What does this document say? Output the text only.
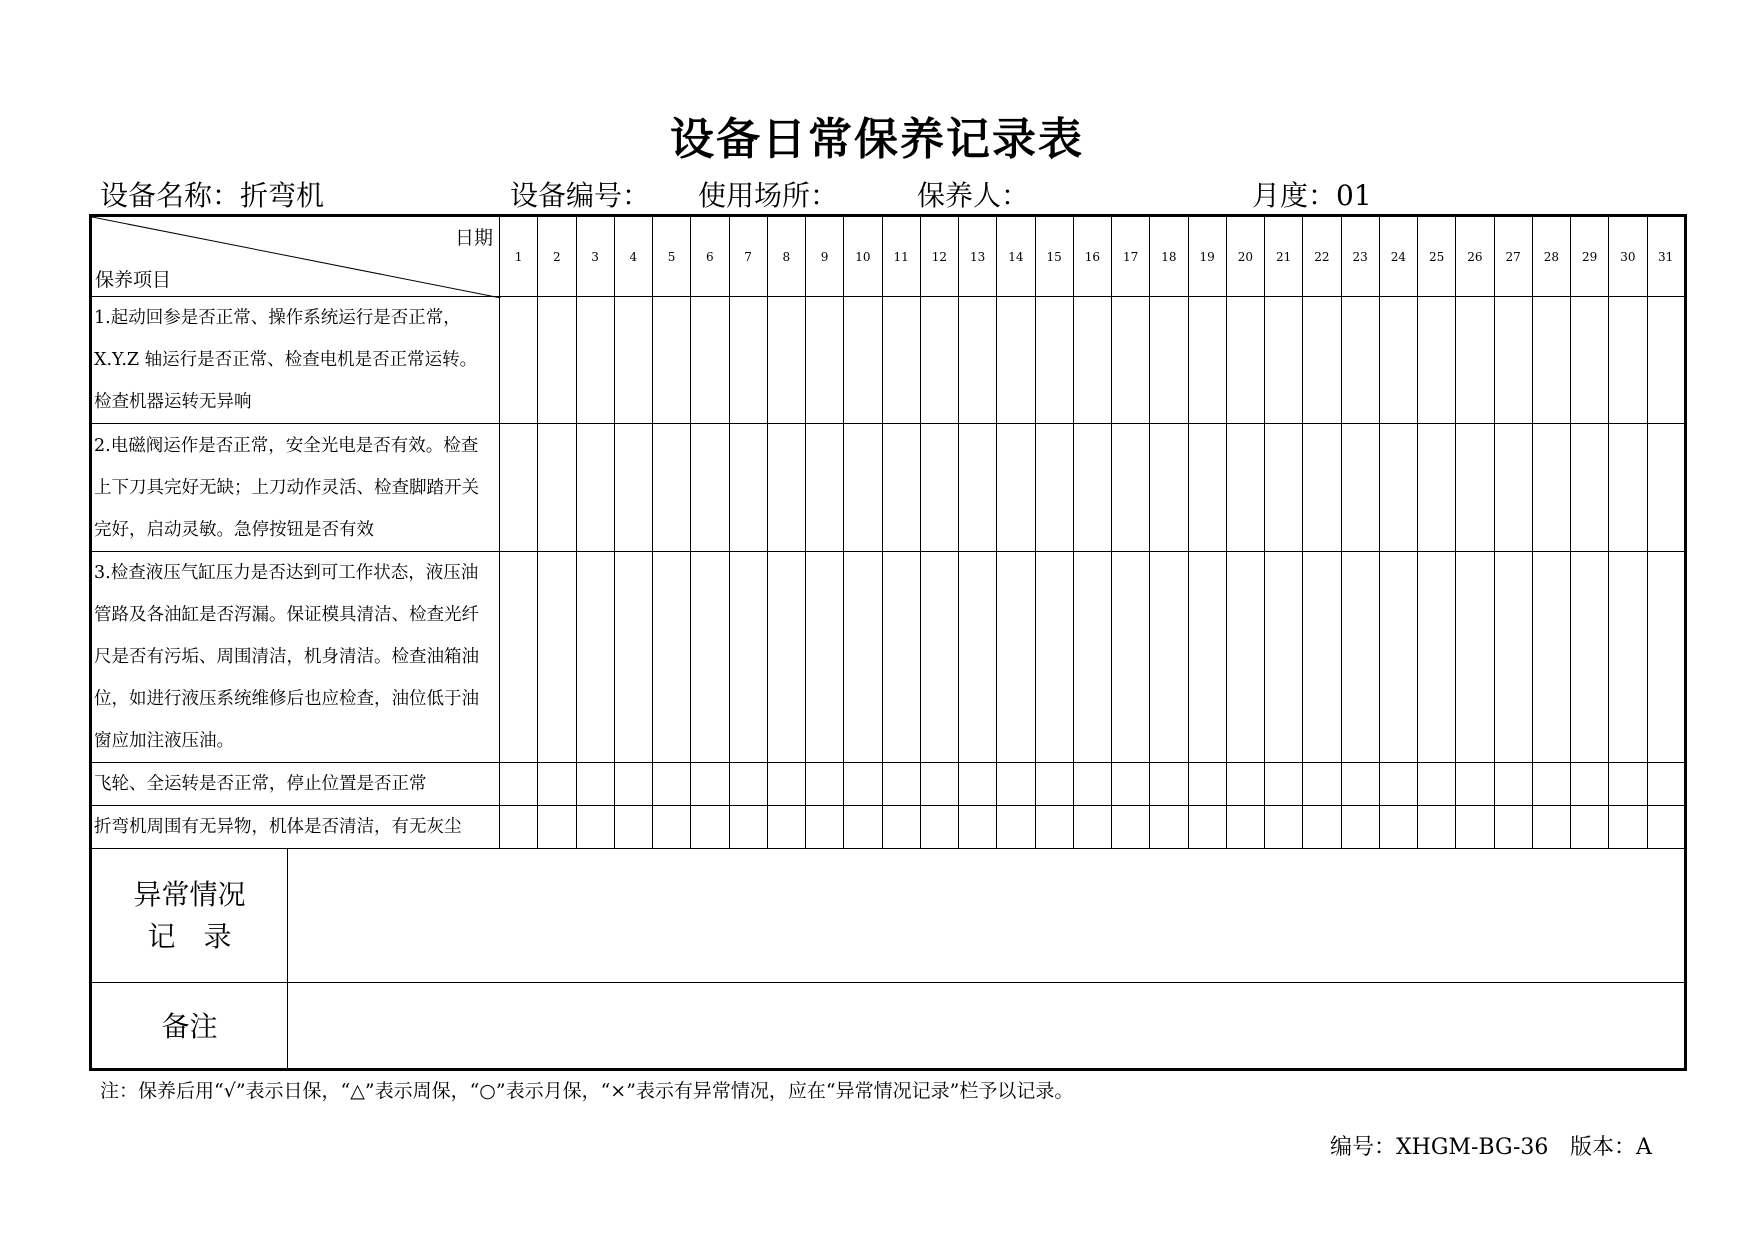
设备日常保养记录表
设备名称：折弯机	设备编号： 使用场所：	保养人：	月度：01
日期
保养项目		1	2	3	4	5	6	7	8	9	10	11	12	13	14	15	16	17	18	19	20	21	22	23	24	25	26	27	28	29	30	31

1.起动回参是否正常、操作系统运行是否正常，
X.Y.Z 轴运行是否正常、检查电机是否正常运转。
检查机器运转无异响																																

2.电磁阀运作是否正常，安全光电是否有效。检查
上下刀具完好无缺；上刀动作灵活、检查脚踏开关
完好，启动灵敏。急停按钮是否有效																																

3.检查液压气缸压力是否达到可工作状态，液压油
管路及各油缸是否泻漏。保证模具清洁、检查光纤
尺是否有污垢、周围清洁，机身清洁。检查油箱油
位，如进行液压系统维修后也应检查，油位低于油
窗应加注液压油。																																

飞轮、全运转是否正常，停止位置是否正常																																

折弯机周围有无异物，机体是否清洁，有无灰尘																																

异常情况
记　录																																

备注																																
注：保养后用“√”表示日保，“△”表示周保，“○”表示月保，“×”表示有异常情况，应在“异常情况记录”栏予以记录。
编号：XHGM-BG-36 版本：A
